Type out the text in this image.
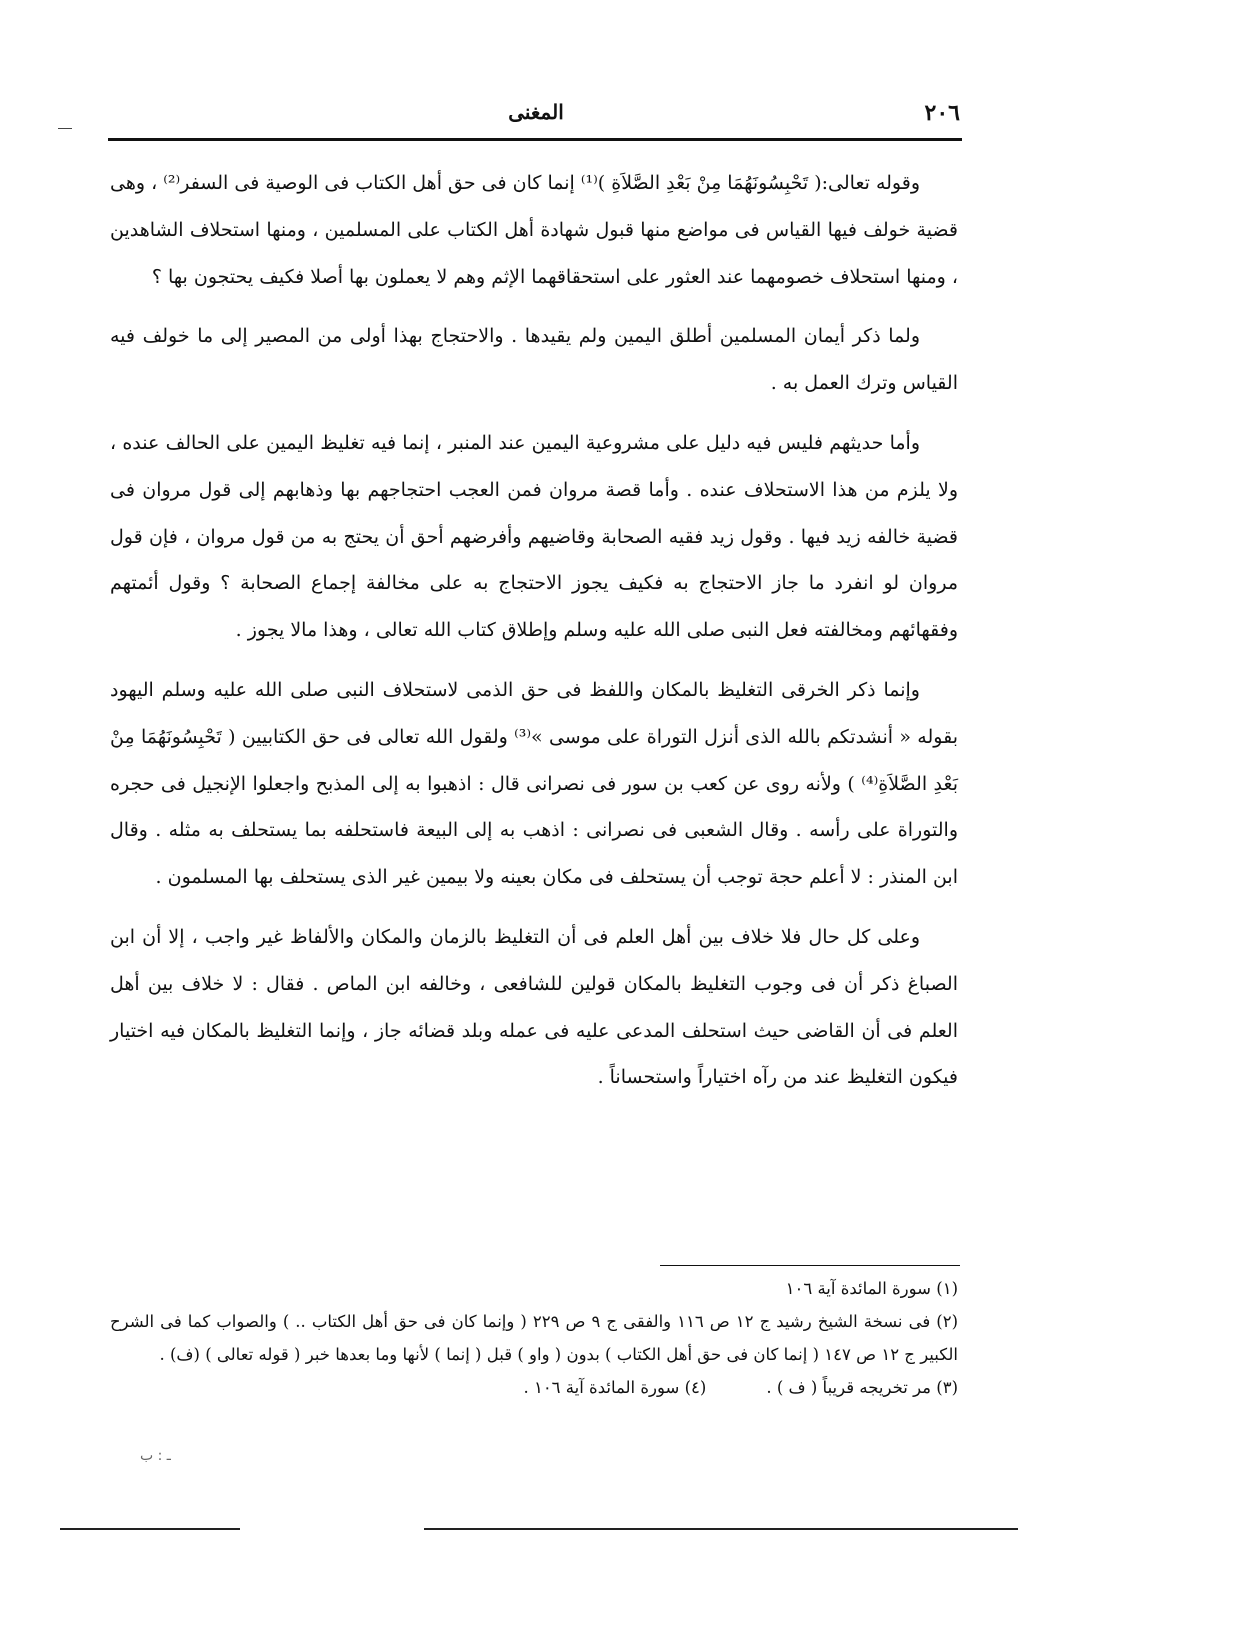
٢٠٦
المغنى

وقوله تعالى:( تَحْبِسُونَهُمَا مِنْ بَعْدِ الصَّلاَةِ )⁽¹⁾ إنما كان فى حق أهل الكتاب فى الوصية فى السفر⁽²⁾ ، وهى قضية خولف فيها القياس فى مواضع منها قبول شهادة أهل الكتاب على المسلمين ، ومنها استحلاف الشاهدين ، ومنها استحلاف خصومهما عند العثور على استحقاقهما الإثم وهم لا يعملون بها أصلا فكيف يحتجون بها ؟

ولما ذكر أيمان المسلمين أطلق اليمين ولم يقيدها . والاحتجاج بهذا أولى من المصير إلى ما خولف فيه القياس وترك العمل به .

وأما حديثهم فليس فيه دليل على مشروعية اليمين عند المنبر ، إنما فيه تغليظ اليمين على الحالف عنده ، ولا يلزم من هذا الاستحلاف عنده . وأما قصة مروان فمن العجب احتجاجهم بها وذهابهم إلى قول مروان فى قضية خالفه زيد فيها . وقول زيد فقيه الصحابة وقاضيهم وأفرضهم أحق أن يحتج به من قول مروان ، فإن قول مروان لو انفرد ما جاز الاحتجاج به فكيف يجوز الاحتجاج به على مخالفة إجماع الصحابة ؟ وقول أئمتهم وفقهائهم ومخالفته فعل النبى صلى الله عليه وسلم وإطلاق كتاب الله تعالى ، وهذا مالا يجوز .

وإنما ذكر الخرقى التغليظ بالمكان واللفظ فى حق الذمى لاستحلاف النبى صلى الله عليه وسلم اليهود بقوله « أنشدتكم بالله الذى أنزل التوراة على موسى »⁽³⁾ ولقول الله تعالى فى حق الكتابيين ( تَحْبِسُونَهُمَا مِنْ بَعْدِ الصَّلاَةِ⁽⁴⁾ ) ولأنه روى عن كعب بن سور فى نصرانى قال : اذهبوا به إلى المذبح واجعلوا الإنجيل فى حجره والتوراة على رأسه . وقال الشعبى فى نصرانى : اذهب به إلى البيعة فاستحلفه بما يستحلف به مثله . وقال ابن المنذر : لا أعلم حجة توجب أن يستحلف فى مكان بعينه ولا بيمين غير الذى يستحلف بها المسلمون .

وعلى كل حال فلا خلاف بين أهل العلم فى أن التغليظ بالزمان والمكان والألفاظ غير واجب ، إلا أن ابن الصباغ ذكر أن فى وجوب التغليظ بالمكان قولين للشافعى ، وخالفه ابن الماص . فقال : لا خلاف بين أهل العلم فى أن القاضى حيث استحلف المدعى عليه فى عمله وبلد قضائه جاز ، وإنما التغليظ بالمكان فيه اختيار فيكون التغليظ عند من رآه اختياراً واستحساناً .

(١) سورة المائدة آية ١٠٦

(٢) فى نسخة الشيخ رشيد ج ١٢ ص ١١٦ والفقى ج ٩ ص ٢٢٩ ( وإنما كان فى حق أهل الكتاب .. ) والصواب كما فى الشرح الكبير ج ١٢ ص ١٤٧ ( إنما كان فى حق أهل الكتاب ) بدون ( واو ) قبل ( إنما ) لأنها وما بعدها خبر ( قوله تعالى ) (ف) .

(٣) مر تخريجه قريباً ( ف ) .
(٤) سورة المائدة آية ١٠٦ .
ـ : ب
